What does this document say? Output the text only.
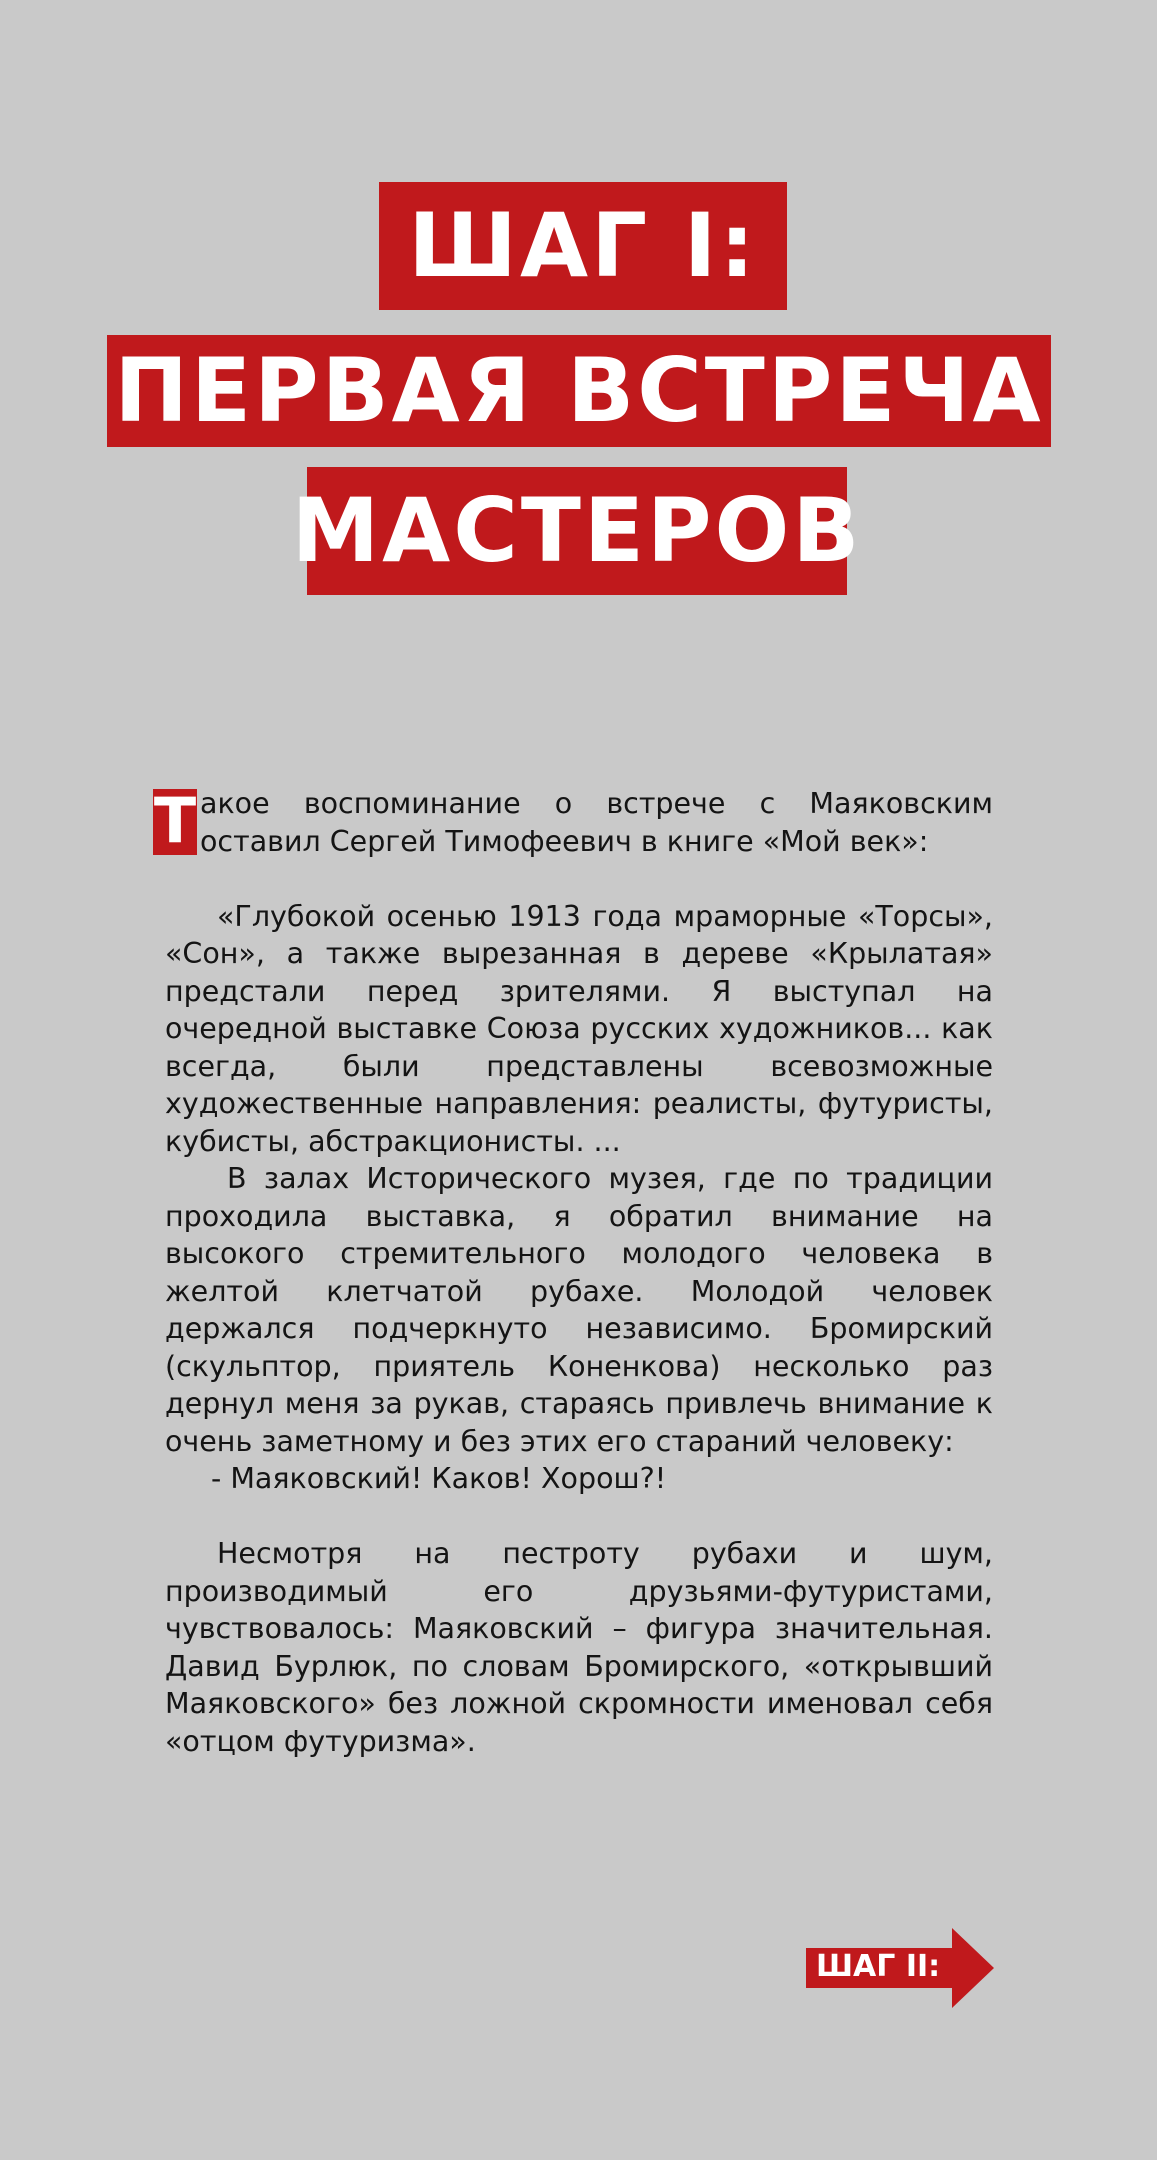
ШАГ I:
ПЕРВАЯ ВСТРЕЧА
МАСТЕРОВ

Т акое воспоминание о встрече с Маяковским оставил Сергей Тимофеевич в книге «Мой век»:

«Глубокой осенью 1913 года мраморные «Торсы», «Сон», а также вырезанная в дереве «Крылатая» предстали перед зрителями. Я выступал на очередной выставке Союза русских художников... как всегда, были представлены всевозможные художественные направления: реалисты, футуристы, кубисты, абстракционисты. ...

В залах Исторического музея, где по традиции проходила выставка, я обратил внимание на высокого стремительного молодого человека в желтой клетчатой рубахе. Молодой человек держался подчеркнуто независимо. Бромирский (скульптор, приятель Коненкова) несколько раз дернул меня за рукав, стараясь привлечь внимание к очень заметному и без этих его стараний человеку:

- Маяковский! Каков! Хорош?!

Несмотря на пестроту рубахи и шум, производимый его друзьями-футуристами, чувствовалось: Маяковский – фигура значительная. Давид Бурлюк, по словам Бромирского, «открывший Маяковского» без ложной скромности именовал себя «отцом футуризма».

ШАГ II:
